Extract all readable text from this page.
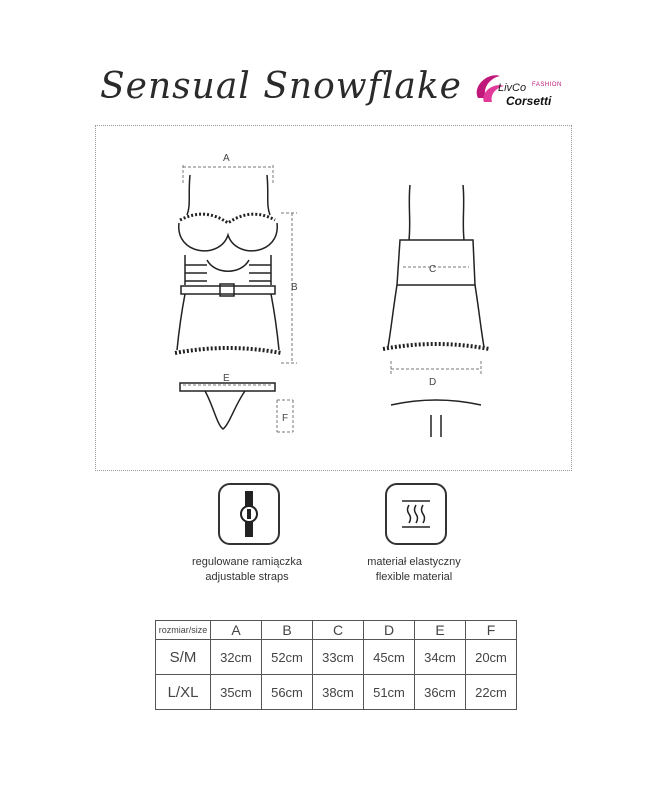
Sensual Snowflake	LivCo FASHION
Corsetti
A
B
C
D
E
F
regulowane ramiączka
adjustable straps
materiał elastyczny
flexible material
rozmiar/size	A	B	C	D	E	F
S/M	32cm	52cm	33cm	45cm	34cm	20cm
L/XL	35cm	56cm	38cm	51cm	36cm	22cm
